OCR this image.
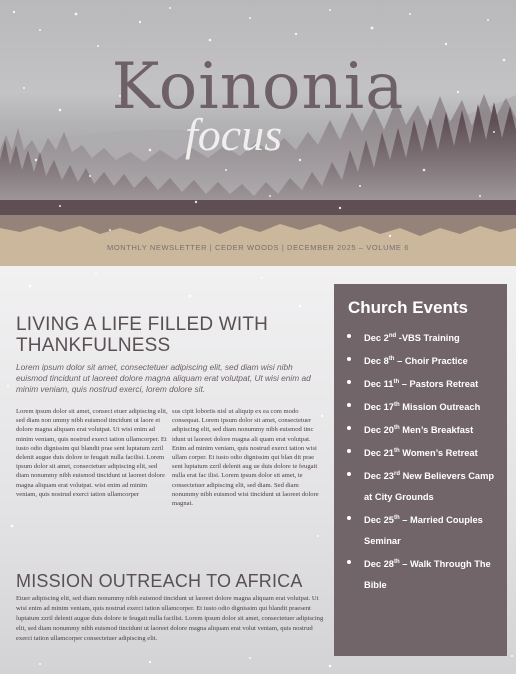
Koinonia
focus
MONTHLY NEWSLETTER | CEDER WOODS | DECEMBER 2025 – VOLUME 6
LIVING A LIFE FILLED WITH THANKFULNESS
Lorem ipsum dolor sit amet, consectetuer adipiscing elit, sed diam wisi nibh euismod tincidunt ut laoreet dolore magna aliquam erat volutpat, Ut wisi enim ad minim veniam, quis nostrud exerci, lorem dolore sit.
Lorem ipsum dolor sit amet, consect etuer adipiscing elit, sed diam non ummy nibh euismod tincidunt ut laore et dolore magna aliquam erat volutpat. Ut wisi enim ad minim veniam, quis nostrud exerci tation ullamcorper. Et iusto odio dignissim qui blandit prae sent luptatum zzril delenit augue duis dolore te feugait nulla facilisi. Lorem ipsum dolor sit amet, consectetuer adipiscing elit, sed diam nonummy nibh euismod tincidunt ut laoreet dolore magna aliquam erat volutpat. wisi enim ad minim veniam, quis nostrud exerci tation ullamcorper
sus cipit lobortis nisl ut aliquip ex ea com modo consequat. Lorem ipsum dolor sit amet, consectetuer adipiscing elit, sed diam nonummy nibh euismod tinc idunt ut laoreet dolore magna ali quam erat volutpat. Enim ad minim veniam, quis nostrud exerci tation wisi ullam corper. Et iusto odio dignissim qui blan dit prae sent luptatum zzril delenit aug ue duis dolore te feugait nulla erat fac ilisi. Lorem ipsum dolor sit amet, te consectetuer adipiscing elit, sed diam. Sed diam nonummy nibh euismod wisi tincidunt ut laoreet dolore magnat.
MISSION OUTREACH TO AFRICA
Etuer adipiscing elit, sed diam nonummy nibh euismod tincidunt ut laoreet dolore magna aliquam erat volutpat. Ut wisi enim ad minim veniam, quis nostrud exerci tation ullamcorper. Et iusto odio dignissim qui blandit praesent luptatum zzril delenit augue duis dolore te feugait nulla facilisi. Lorem ipsum dolor sit amet, consectetuer adipiscing elit, sed diam nonummy nibh euismod tincidunt ut laoreet dolore magna aliquam erat volut veniam, quis nostrud exerci tation ullamcorper consectetuer adipiscing elit.
Church Events
Dec 2nd -VBS Training
Dec 8th – Choir Practice
Dec 11th – Pastors Retreat
Dec 17th Mission Outreach
Dec 20th Men’s Breakfast
Dec 21th Women’s Retreat
Dec 23rd New Believers Camp at City Grounds
Dec 25th – Married Couples Seminar
Dec 28th – Walk Through The Bible
